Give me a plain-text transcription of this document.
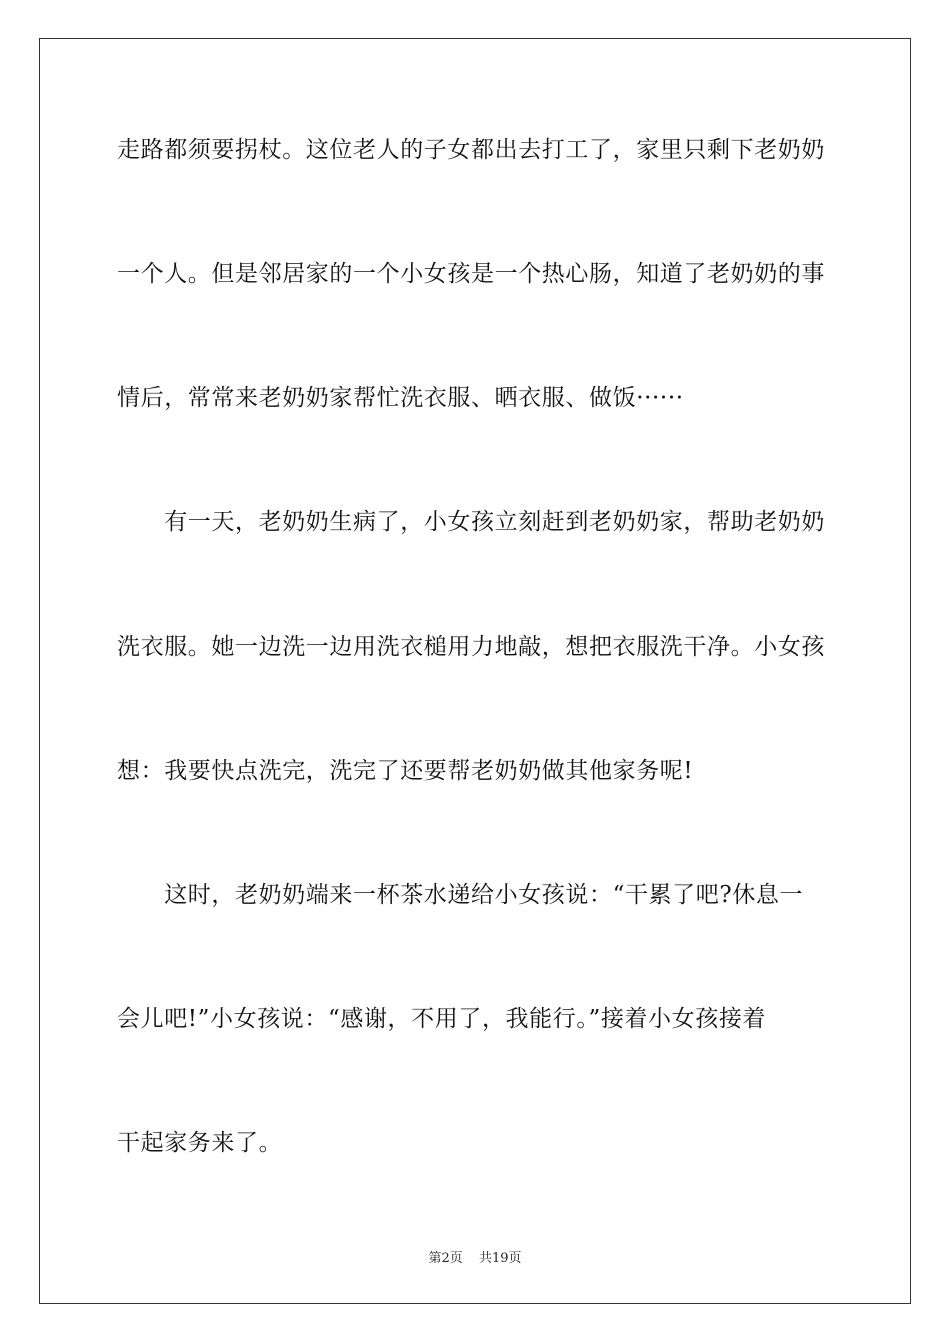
走路都须要拐杖。这位老人的子女都出去打工了，家里只剩下老奶奶
一个人。但是邻居家的一个小女孩是一个热心肠，知道了老奶奶的事
情后，常常来老奶奶家帮忙洗衣服、晒衣服、做饭······
　　有一天，老奶奶生病了，小女孩立刻赶到老奶奶家，帮助老奶奶
洗衣服。她一边洗一边用洗衣槌用力地敲，想把衣服洗干净。小女孩
想：我要快点洗完，洗完了还要帮老奶奶做其他家务呢!
　　这时，老奶奶端来一杯茶水递给小女孩说：“干累了吧?休息一
会儿吧!”小女孩说：“感谢，不用了，我能行。”接着小女孩接着
干起家务来了。
第2页 共19页
